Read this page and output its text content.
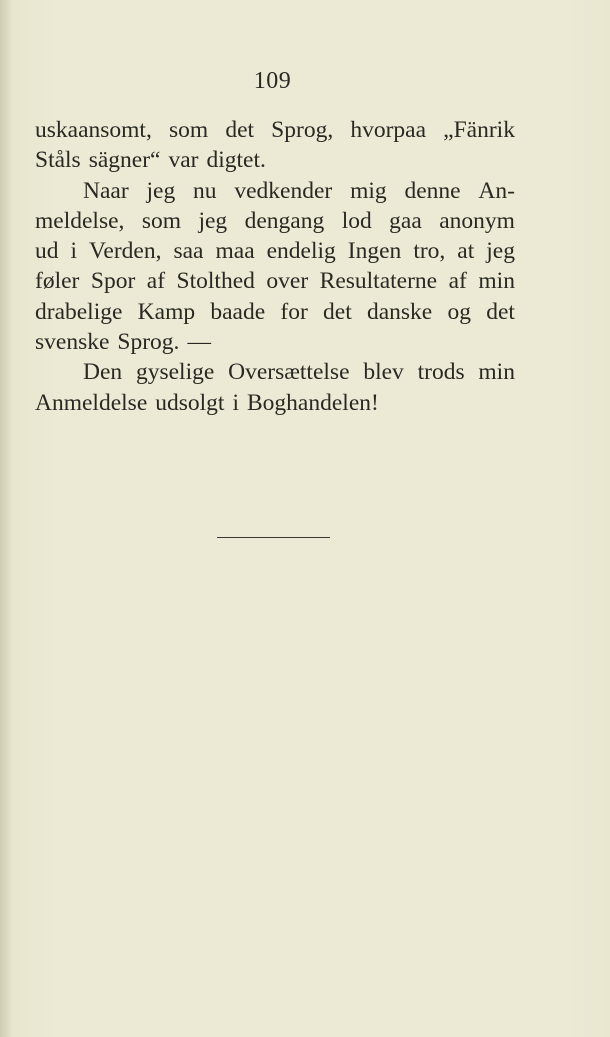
109
uskaansomt, som det Sprog, hvorpaa „Fänrik
Ståls sägner“ var digtet.
Naar jeg nu vedkender mig denne An-
meldelse, som jeg dengang lod gaa anonym
ud i Verden, saa maa endelig Ingen tro, at jeg
føler Spor af Stolthed over Resultaterne af min
drabelige Kamp baade for det danske og det
svenske Sprog. —
Den gyselige Oversættelse blev trods min
Anmeldelse udsolgt i Boghandelen!
